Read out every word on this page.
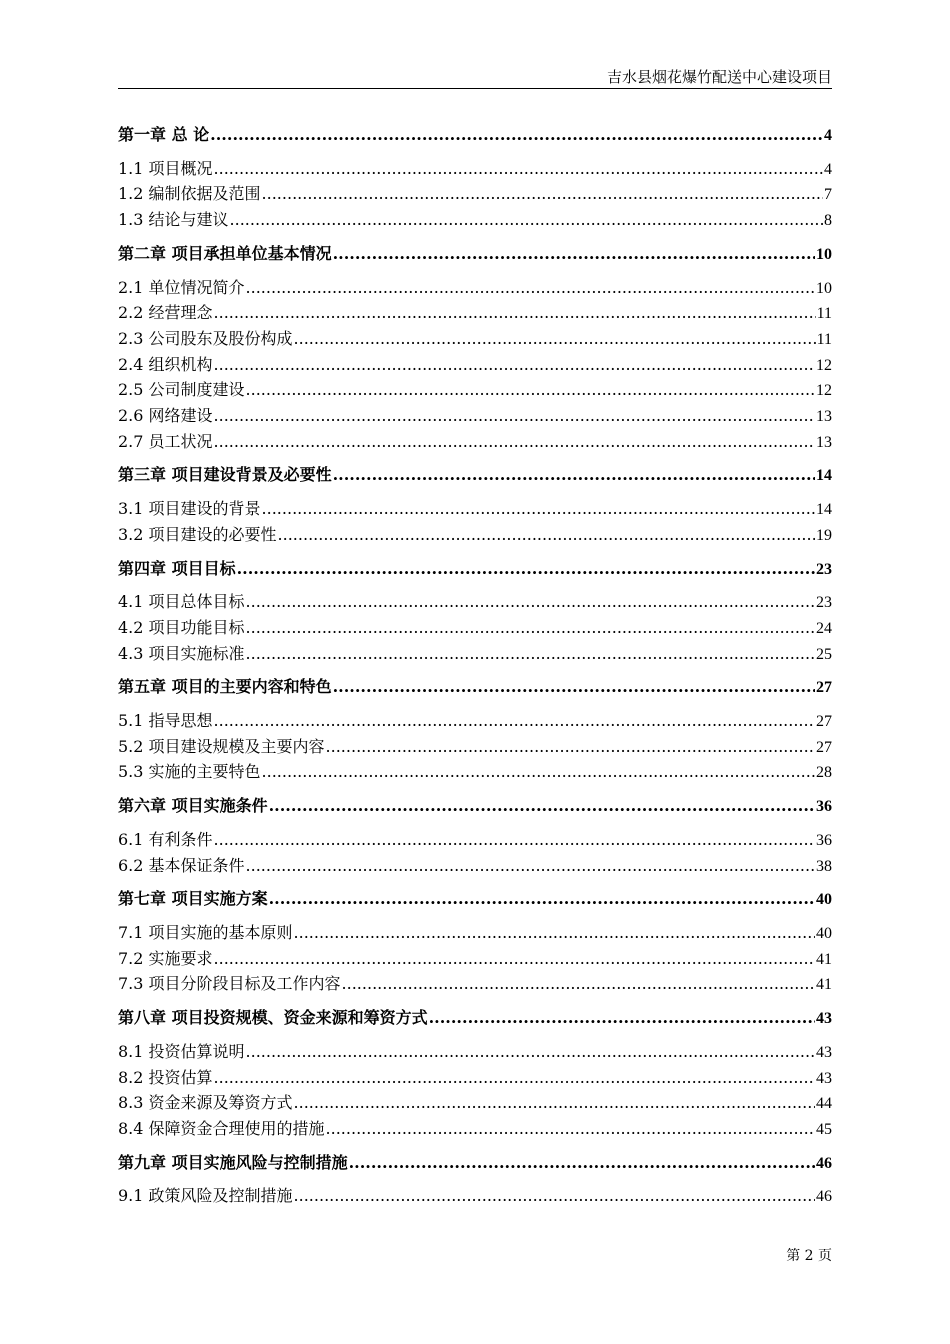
吉水县烟花爆竹配送中心建设项目
第一章 总 论 .....	4
1.1 项目概况 .....	4
1.2 编制依据及范围 .....	7
1.3 结论与建议 .....	8
第二章 项目承担单位基本情况 .....	10
2.1 单位情况简介 .....	10
2.2 经营理念 .....	11
2.3 公司股东及股份构成 .....	11
2.4 组织机构 .....	12
2.5 公司制度建设 .....	12
2.6 网络建设 .....	13
2.7 员工状况 .....	13
第三章 项目建设背景及必要性 .....	14
3.1 项目建设的背景 .....	14
3.2 项目建设的必要性 .....	19
第四章 项目目标 .....	23
4.1 项目总体目标 .....	23
4.2 项目功能目标 .....	24
4.3 项目实施标准 .....	25
第五章 项目的主要内容和特色 .....	27
5.1 指导思想 .....	27
5.2 项目建设规模及主要内容 .....	27
5.3 实施的主要特色 .....	28
第六章 项目实施条件 .....	36
6.1 有利条件 .....	36
6.2 基本保证条件 .....	38
第七章 项目实施方案 .....	40
7.1 项目实施的基本原则 .....	40
7.2 实施要求 .....	41
7.3 项目分阶段目标及工作内容 .....	41
第八章 项目投资规模、资金来源和筹资方式 .....	43
8.1 投资估算说明 .....	43
8.2 投资估算 .....	43
8.3 资金来源及筹资方式 .....	44
8.4 保障资金合理使用的措施 .....	45
第九章 项目实施风险与控制措施 .....	46
9.1 政策风险及控制措施 .....	46
第 2 页
